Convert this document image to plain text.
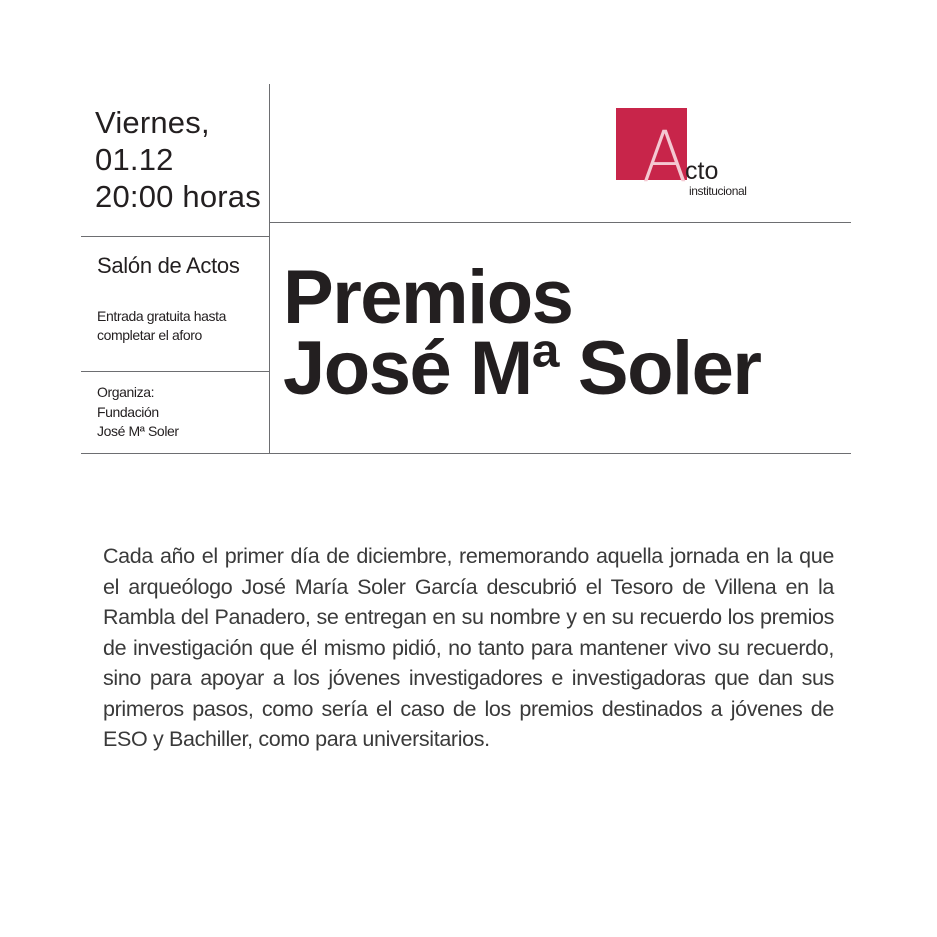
Viernes,
01.12
20:00 horas
Salón de Actos
Entrada gratuita hasta
completar el aforo
Organiza:
Fundación
José Mª Soler
A
cto
institucional
Premios
José Mª Soler

Cada año el primer día de diciembre, rememorando aquella jornada en la que el arqueólogo José María Soler García descubrió el Tesoro de Villena en la Rambla del Panadero, se entregan en su nombre y en su recuerdo los premios de investigación que él mismo pidió, no tanto para mantener vivo su recuerdo, sino para apoyar a los jóvenes investigadores e investigadoras que dan sus primeros pasos, como sería el caso de los premios destinados a jóvenes de ESO y Bachiller, como para universitarios.
